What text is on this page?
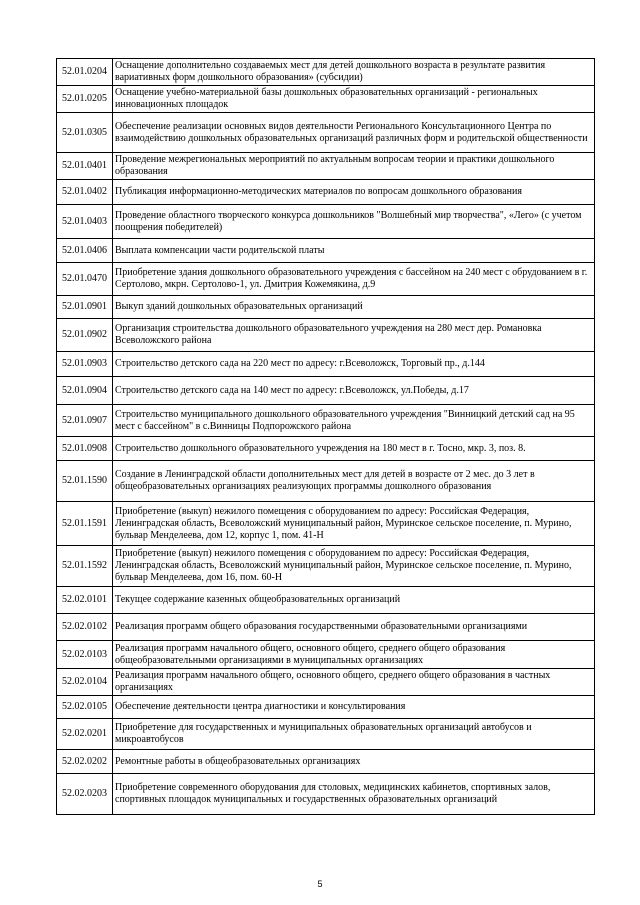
52.01.0204	Оснащение дополнительно создаваемых мест для детей дошкольного возраста в результате развития вариативных форм дошкольного образования» (субсидии)
52.01.0205	Оснащение учебно-материальной базы дошкольных образовательных организаций - региональных инновационных площадок
52.01.0305	Обеспечение реализации основных видов деятельности Регионального Консультационного Центра по взаимодействию дошкольных образовательных организаций различных форм и родительской общественности
52.01.0401	Проведение межрегиональных мероприятий по актуальным вопросам теории и практики дошкольного образования
52.01.0402	Публикация информационно-методических материалов по вопросам дошкольного образования
52.01.0403	Проведение областного творческого конкурса дошкольников "Волшебный мир творчества", «Лего» (с учетом поощрения победителей)
52.01.0406	Выплата компенсации части родительской платы
52.01.0470	Приобретение здания дошкольного образовательного учреждения с бассейном на 240 мест с обрудованием в г. Сертолово, мкрн. Сертолово-1, ул. Дмитрия Кожемякина, д.9
52.01.0901	Выкуп зданий дошкольных образовательных организаций
52.01.0902	Организация строительства дошкольного образовательного учреждения на 280 мест дер. Романовка Всеволожского района
52.01.0903	Строительство детского сада на 220 мест по адресу: г.Всеволожск, Торговый пр., д.144
52.01.0904	Строительство детского сада на 140 мест по адресу: г.Всеволожск, ул.Победы, д.17
52.01.0907	Строительство муниципального дошкольного образовательного учреждения "Винницкий детский сад на 95 мест с бассейном" в с.Винницы Подпорожского района
52.01.0908	Строительство дошкольного образовательного учреждения на 180 мест в г. Тосно, мкр. 3, поз. 8.
52.01.1590	Создание в Ленинградской области дополнительных мест для детей в возрасте от 2 мес. до 3 лет в общеобразовательных организациях реализующих программы дошколного образования
52.01.1591	Приобретение (выкуп) нежилого помещения с оборудованием по адресу: Российская Федерация, Ленинградская область, Всеволожский муниципальный район, Муринское сельское поселение, п. Мурино, бульвар Менделеева, дом 12, корпус 1, пом. 41-Н
52.01.1592	Приобретение (выкуп) нежилого помещения с оборудованием по адресу: Российская Федерация, Ленинградская область, Всеволожский муниципальный район, Муринское сельское поселение, п. Мурино, бульвар Менделеева, дом 16, пом. 60-Н
52.02.0101	Текущее содержание казенных общеобразовательных организаций
52.02.0102	Реализация программ общего образования государственными образовательными организациями
52.02.0103	Реализация программ начального общего, основного общего, среднего общего образования общеобразовательными организациями в муниципальных организациях
52.02.0104	Реализация программ начального общего, основного общего, среднего общего образования в частных организациях
52.02.0105	Обеспечение деятельности центра диагностики и консультирования
52.02.0201	Приобретение для государственных и муниципальных образовательных организаций автобусов и микроавтобусов
52.02.0202	Ремонтные работы в общеобразовательных организациях
52.02.0203	Приобретение современного оборудования для столовых, медицинских кабинетов, спортивных залов, спортивных площадок муниципальных и государственных образовательных организаций
5
